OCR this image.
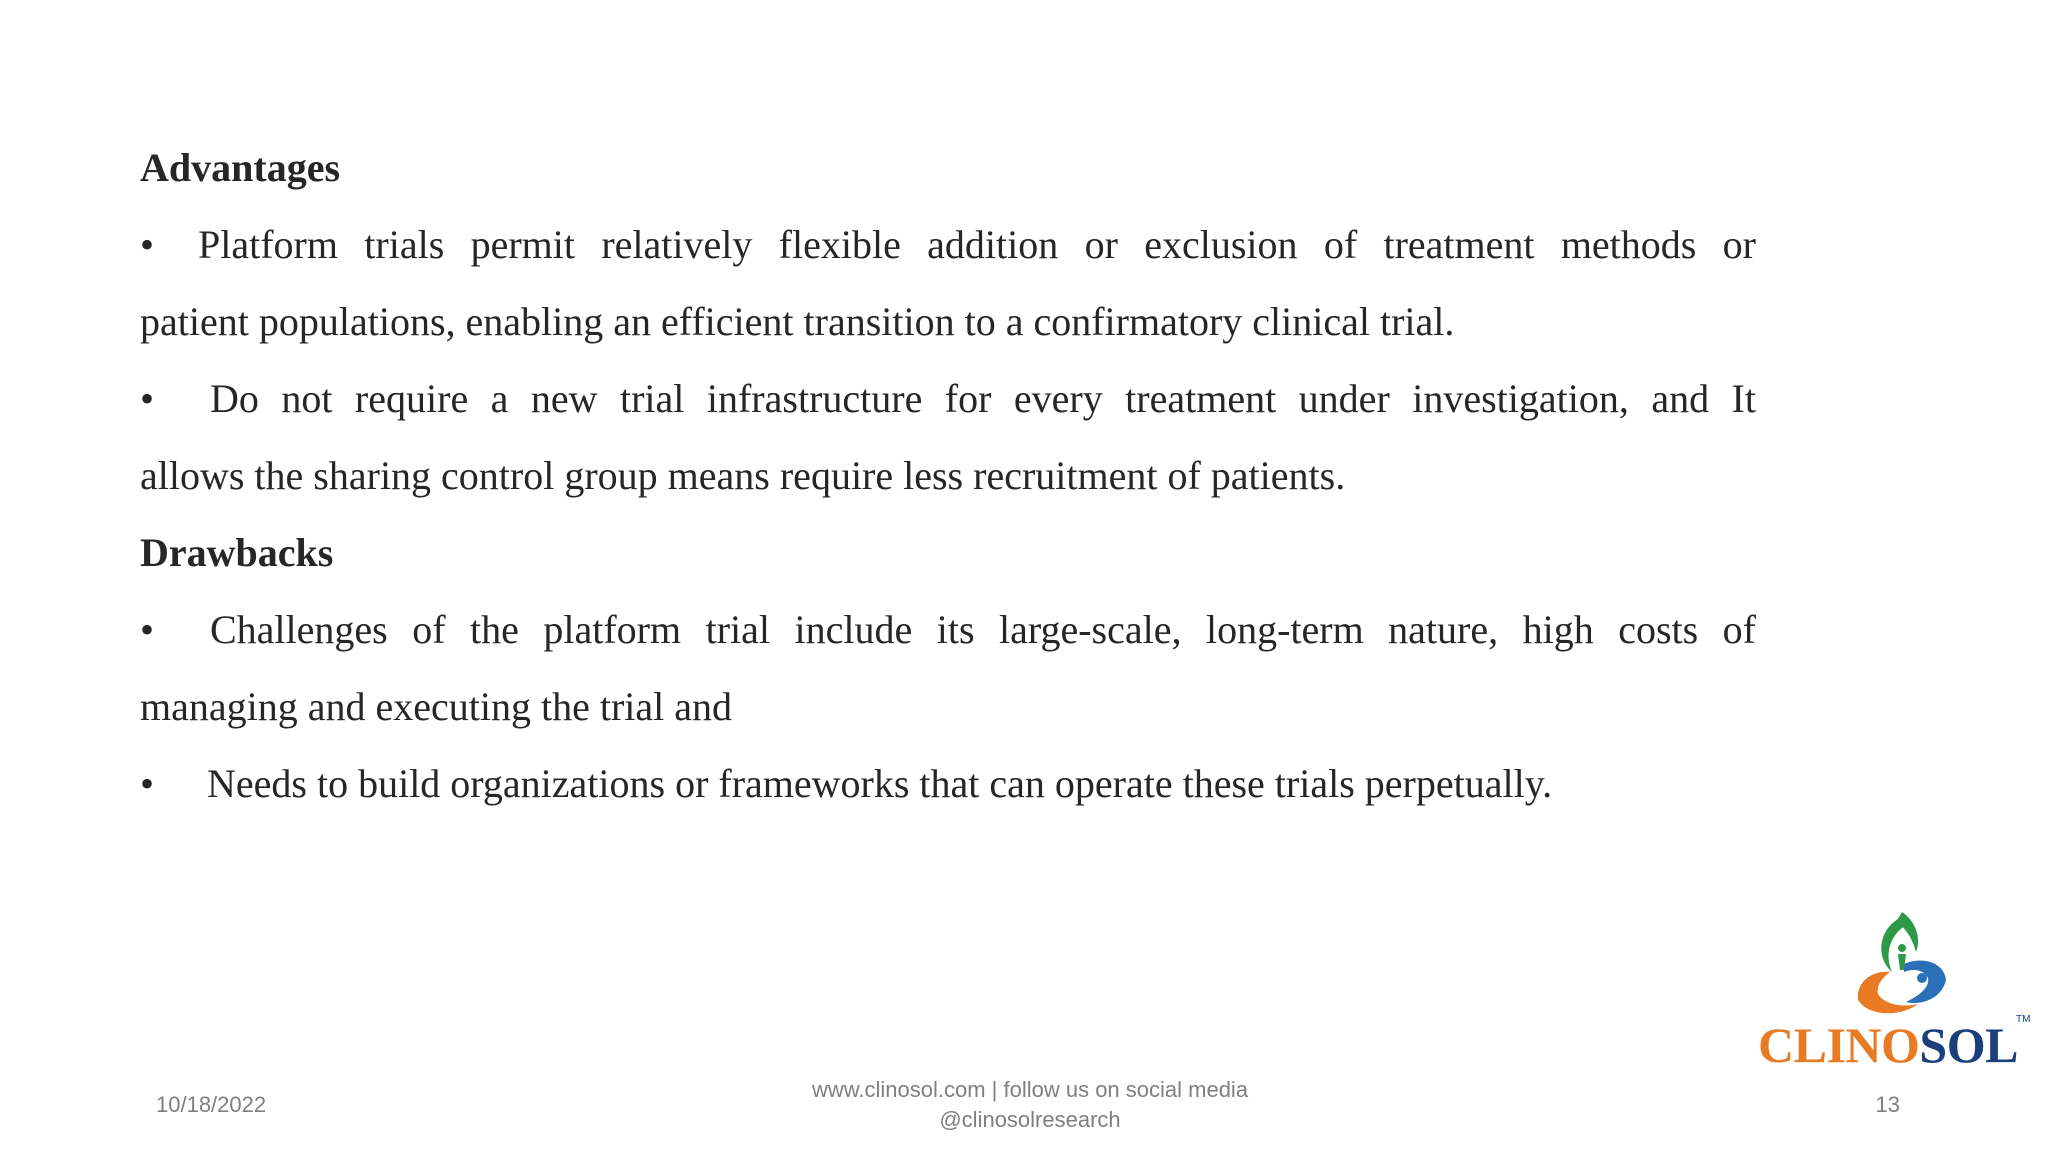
Advantages
•	Platform trials permit relatively flexible addition or exclusion of treatment methods or
patient populations, enabling an efficient transition to a confirmatory clinical trial.
•	Do not require a new trial infrastructure for every treatment under investigation, and It
allows the sharing control group means require less recruitment of patients.
Drawbacks
•	Challenges of the platform trial include its large-scale, long-term nature, high costs of
managing and executing the trial and
•	Needs to build organizations or frameworks that can operate these trials perpetually.
CLINOSOL
TM
10/18/2022
www.clinosol.com | follow us on social media
@clinosolresearch
13
